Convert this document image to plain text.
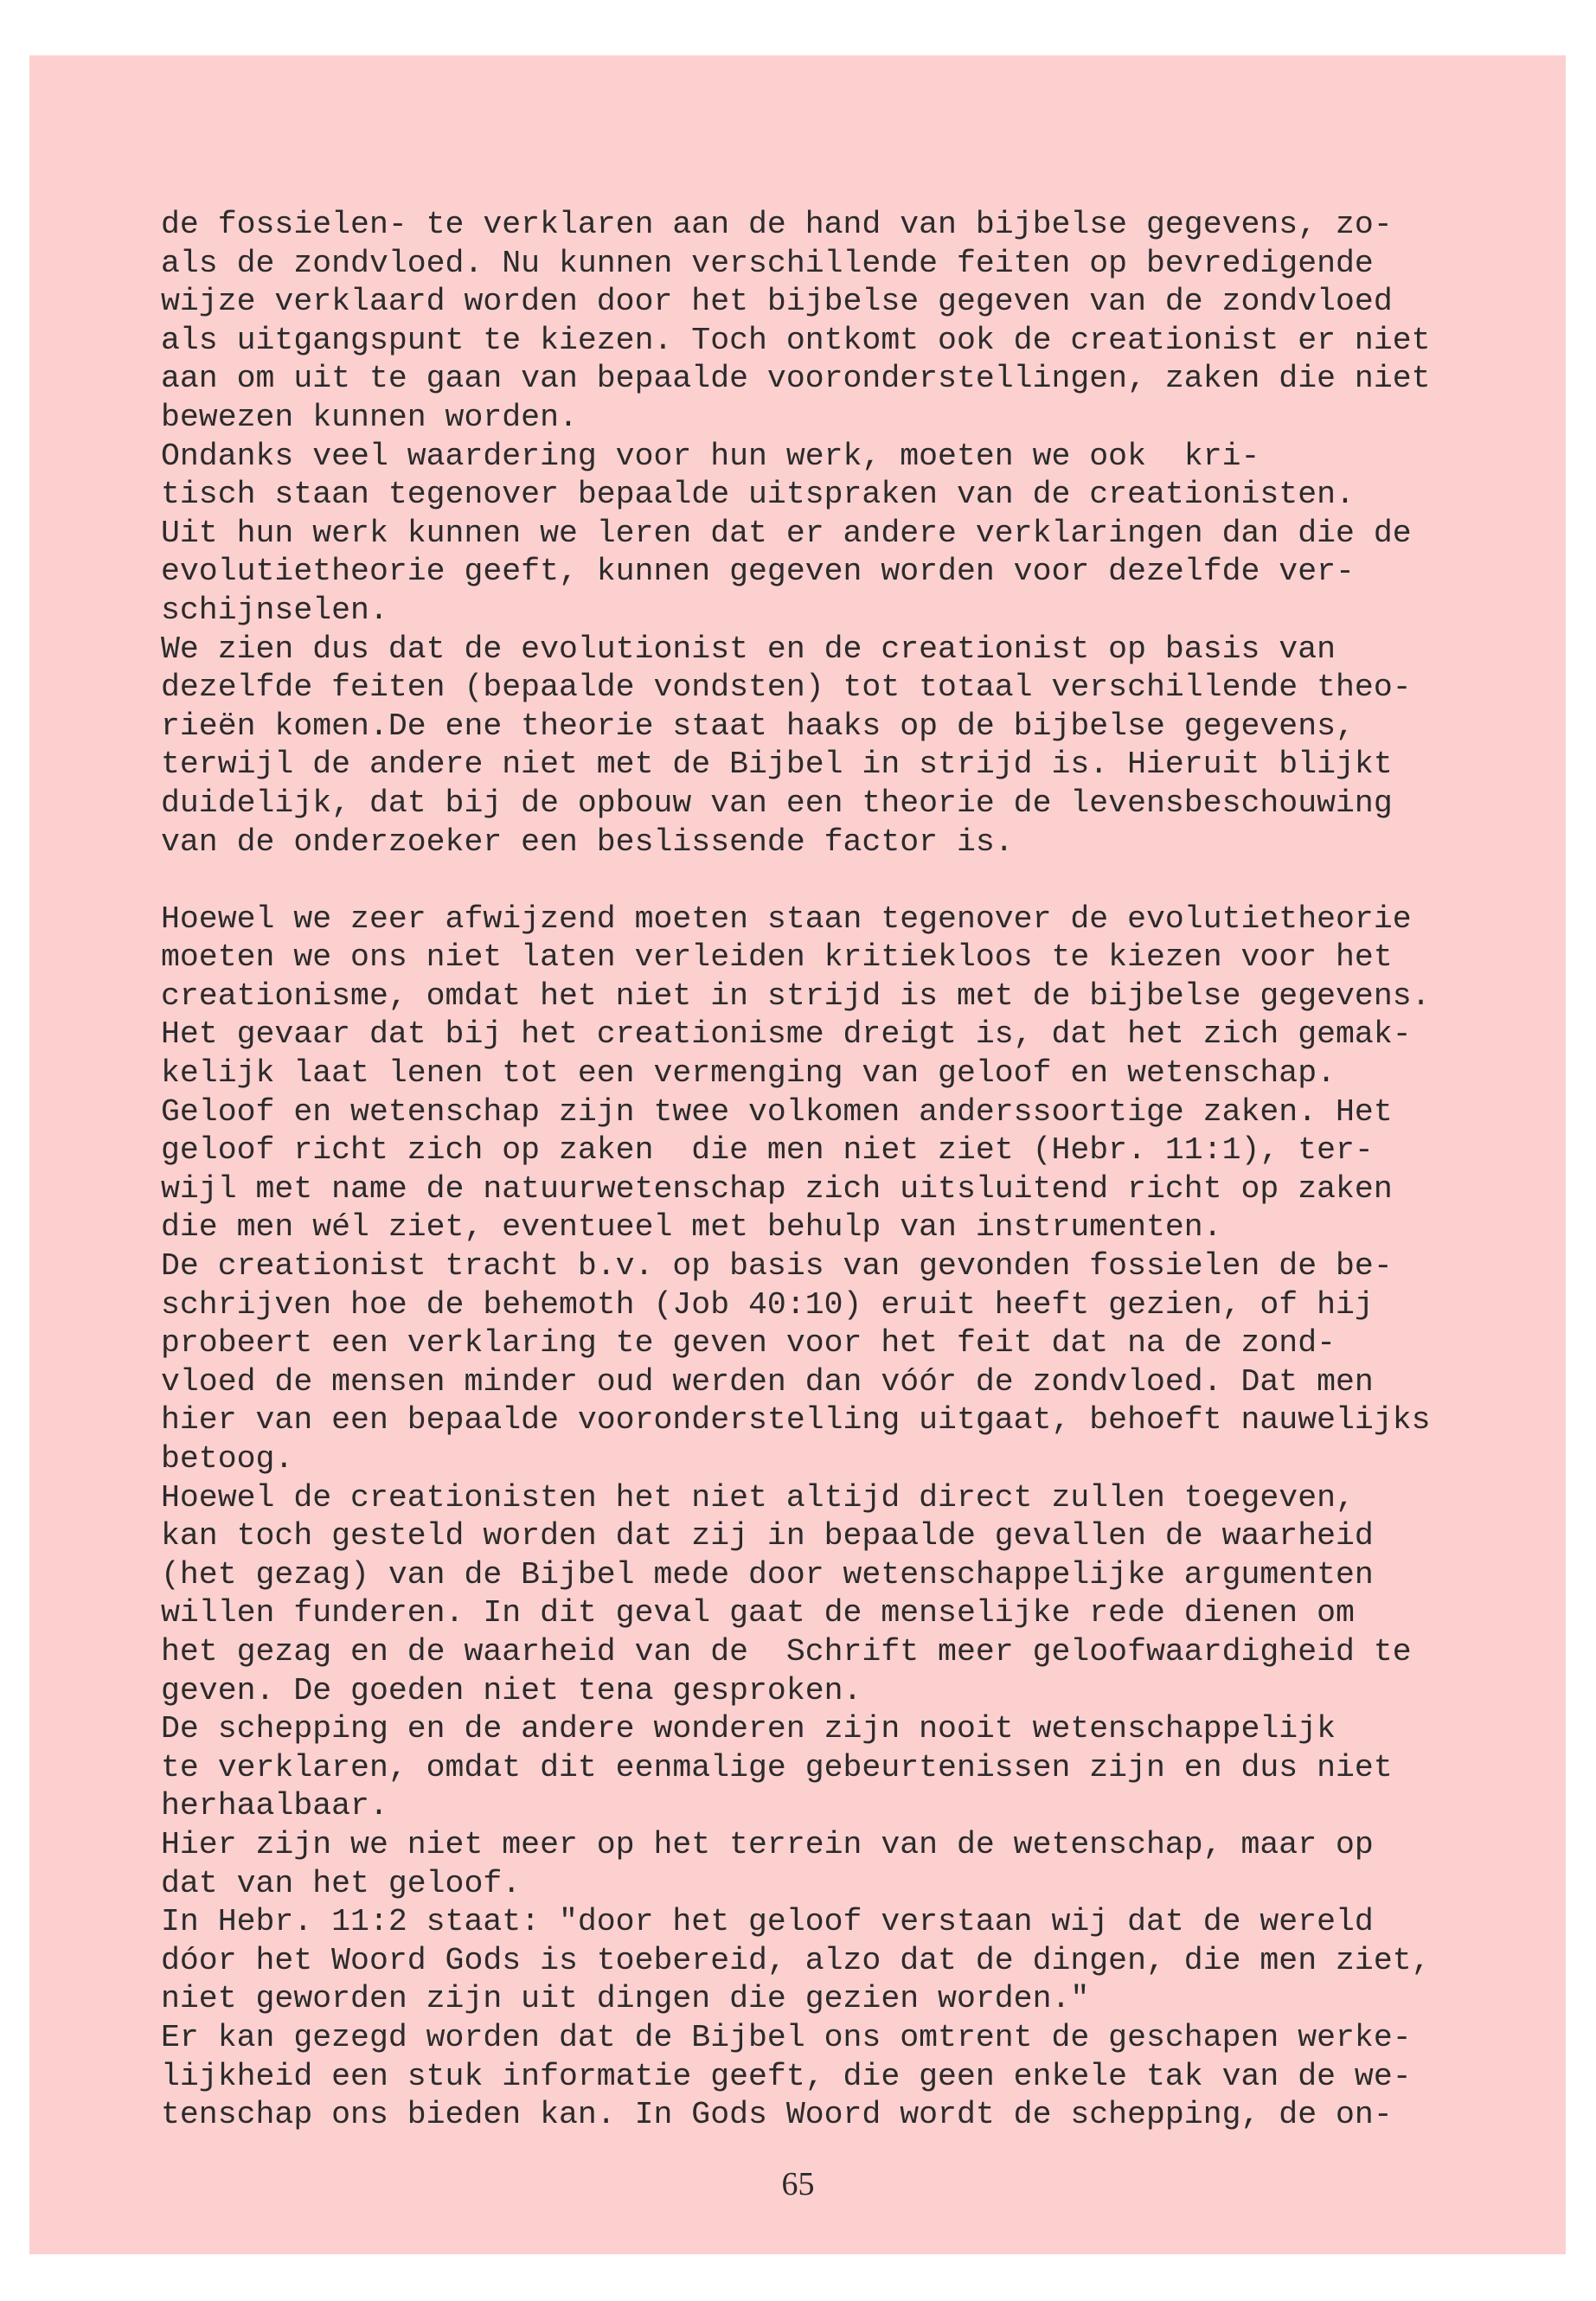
de fossielen- te verklaren aan de hand van bijbelse gegevens, zo-
als de zondvloed. Nu kunnen verschillende feiten op bevredigende
wijze verklaard worden door het bijbelse gegeven van de zondvloed
als uitgangspunt te kiezen. Toch ontkomt ook de creationist er niet
aan om uit te gaan van bepaalde vooronderstellingen, zaken die niet
bewezen kunnen worden.
Ondanks veel waardering voor hun werk, moeten we ook  kri-
tisch staan tegenover bepaalde uitspraken van de creationisten.
Uit hun werk kunnen we leren dat er andere verklaringen dan die de
evolutietheorie geeft, kunnen gegeven worden voor dezelfde ver-
schijnselen.
We zien dus dat de evolutionist en de creationist op basis van
dezelfde feiten (bepaalde vondsten) tot totaal verschillende theo-
rieën komen.De ene theorie staat haaks op de bijbelse gegevens,
terwijl de andere niet met de Bijbel in strijd is. Hieruit blijkt
duidelijk, dat bij de opbouw van een theorie de levensbeschouwing
van de onderzoeker een beslissende factor is.
Hoewel we zeer afwijzend moeten staan tegenover de evolutietheorie
moeten we ons niet laten verleiden kritiekloos te kiezen voor het
creationisme, omdat het niet in strijd is met de bijbelse gegevens.
Het gevaar dat bij het creationisme dreigt is, dat het zich gemak-
kelijk laat lenen tot een vermenging van geloof en wetenschap.
Geloof en wetenschap zijn twee volkomen anderssoortige zaken. Het
geloof richt zich op zaken  die men niet ziet (Hebr. 11:1), ter-
wijl met name de natuurwetenschap zich uitsluitend richt op zaken
die men wél ziet, eventueel met behulp van instrumenten.
De creationist tracht b.v. op basis van gevonden fossielen de be-
schrijven hoe de behemoth (Job 40:10) eruit heeft gezien, of hij
probeert een verklaring te geven voor het feit dat na de zond-
vloed de mensen minder oud werden dan vóór de zondvloed. Dat men
hier van een bepaalde vooronderstelling uitgaat, behoeft nauwelijks
betoog.
Hoewel de creationisten het niet altijd direct zullen toegeven,
kan toch gesteld worden dat zij in bepaalde gevallen de waarheid
(het gezag) van de Bijbel mede door wetenschappelijke argumenten
willen funderen. In dit geval gaat de menselijke rede dienen om
het gezag en de waarheid van de  Schrift meer geloofwaardigheid te
geven. De goeden niet tena gesproken.
De schepping en de andere wonderen zijn nooit wetenschappelijk
te verklaren, omdat dit eenmalige gebeurtenissen zijn en dus niet
herhaalbaar.
Hier zijn we niet meer op het terrein van de wetenschap, maar op
dat van het geloof.
In Hebr. 11:2 staat: "door het geloof verstaan wij dat de wereld
dóor het Woord Gods is toebereid, alzo dat de dingen, die men ziet,
niet geworden zijn uit dingen die gezien worden."
Er kan gezegd worden dat de Bijbel ons omtrent de geschapen werke-
lijkheid een stuk informatie geeft, die geen enkele tak van de we-
tenschap ons bieden kan. In Gods Woord wordt de schepping, de on-
65
